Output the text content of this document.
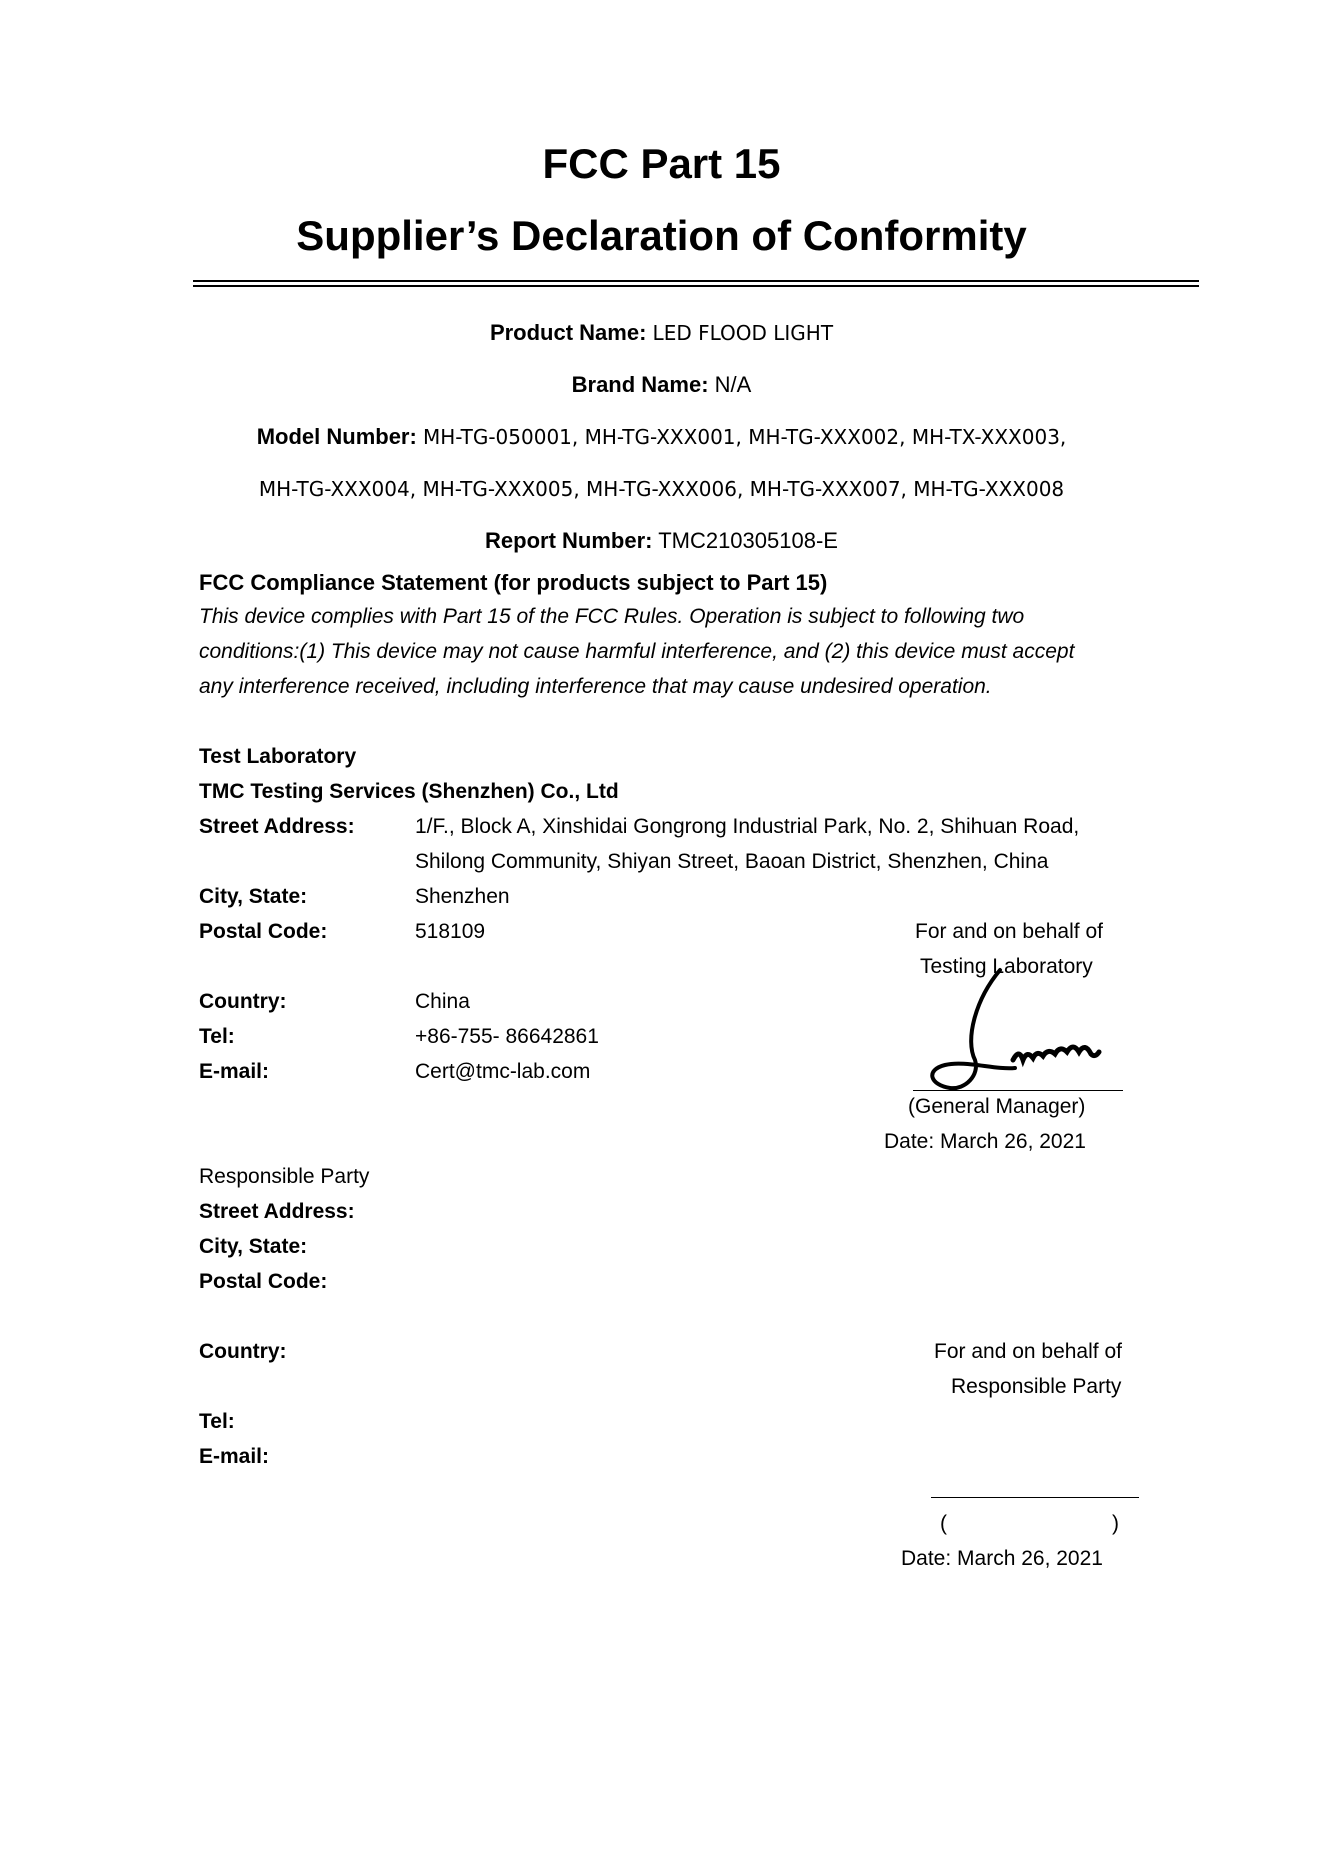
FCC Part 15
Supplier’s Declaration of Conformity
Product Name: LED FLOOD LIGHT
Brand Name: N/A
Model Number: MH-TG-050001, MH-TG-XXX001, MH-TG-XXX002, MH-TX-XXX003,
MH-TG-XXX004, MH-TG-XXX005, MH-TG-XXX006, MH-TG-XXX007, MH-TG-XXX008
Report Number: TMC210305108-E
FCC Compliance Statement (for products subject to Part 15)
This device complies with Part 15 of the FCC Rules. Operation is subject to following two
conditions:(1) This device may not cause harmful interference, and (2) this device must accept
any interference received, including interference that may cause undesired operation.
Test Laboratory
TMC Testing Services (Shenzhen) Co., Ltd
Street Address:	1/F., Block A, Xinshidai Gongrong Industrial Park, No. 2, Shihuan Road,
Shilong Community, Shiyan Street, Baoan District, Shenzhen, China
City, State:	Shenzhen
Postal Code:	518109
Country:	China
Tel:	+86-755- 86642861
E-mail:	Cert@tmc-lab.com
For and on behalf of
Testing Laboratory
(General Manager)
Date: March 26, 2021
Responsible Party
Street Address:
City, State:
Postal Code:
Country:
Tel:
E-mail:
For and on behalf of
Responsible Party
(	)
Date: March 26, 2021
